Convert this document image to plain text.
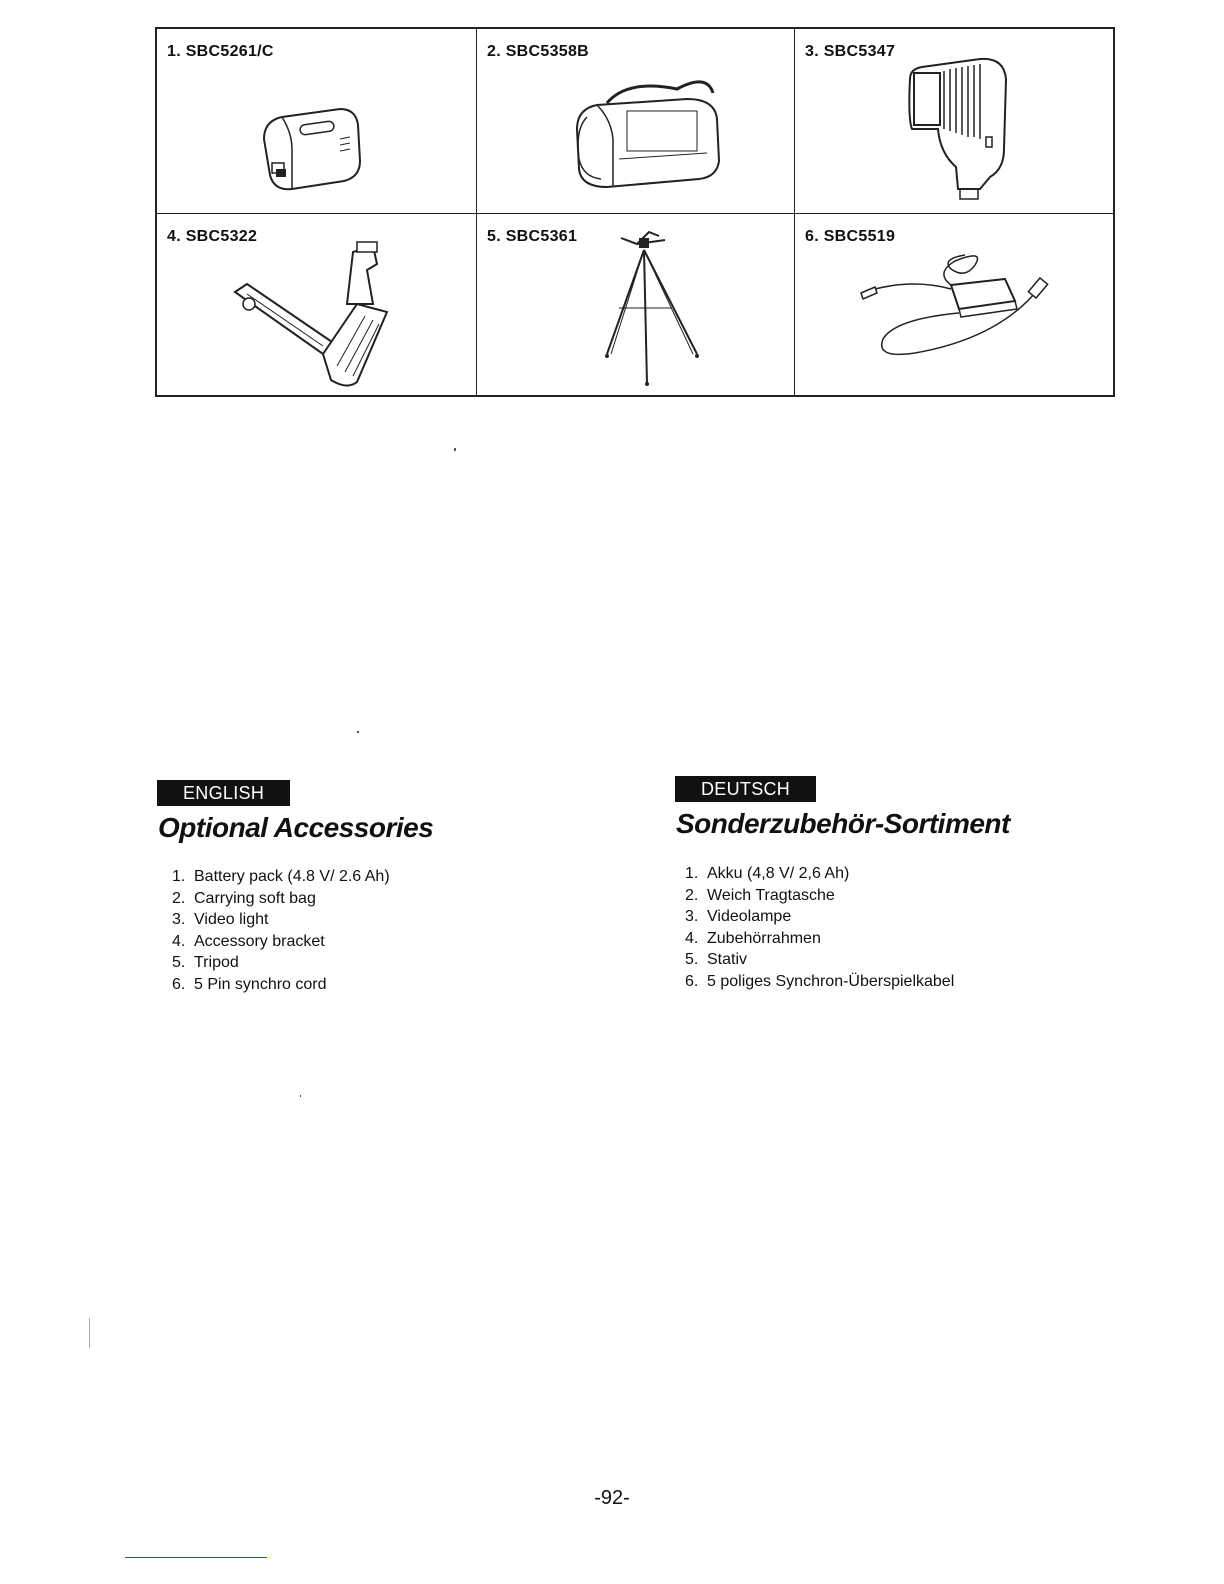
1. SBC5261/C	2. SBC5358B	3. SBC5347
4. SBC5322	5. SBC5361	6. SBC5519
ENGLISH
Optional Accessories
1. Battery pack (4.8 V/ 2.6 Ah)
2. Carrying soft bag
3. Video light
4. Accessory bracket
5. Tripod
6. 5 Pin synchro cord
DEUTSCH
Sonderzubehör-Sortiment
1. Akku (4,8 V/ 2,6 Ah)
2. Weich Tragtasche
3. Videolampe
4. Zubehörrahmen
5. Stativ
6. 5 poliges Synchron-Überspielkabel
-92-
